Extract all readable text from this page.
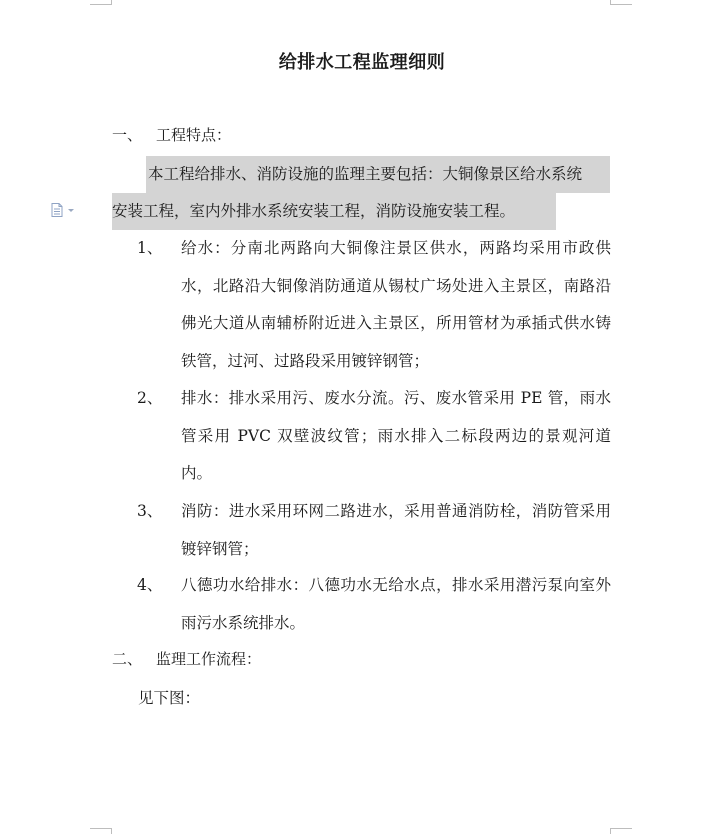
给排水工程监理细则
一、 工程特点：
本工程给排水、消防设施的监理主要包括：大铜像景区给水系统
安装工程，室内外排水系统安装工程，消防设施安装工程。
1、 给水：分南北两路向大铜像注景区供水，两路均采用市政供水，北路沿大铜像消防通道从锡杖广场处进入主景区，南路沿佛光大道从南辅桥附近进入主景区，所用管材为承插式供水铸铁管，过河、过路段采用镀锌钢管；
2、 排水：排水采用污、废水分流。污、废水管采用 PE 管，雨水管采用 PVC 双壁波纹管；雨水排入二标段两边的景观河道内。
3、 消防：进水采用环网二路进水，采用普通消防栓，消防管采用镀锌钢管；
4、 八德功水给排水：八德功水无给水点，排水采用潜污泵向室外雨污水系统排水。
二、 监理工作流程：
见下图：
